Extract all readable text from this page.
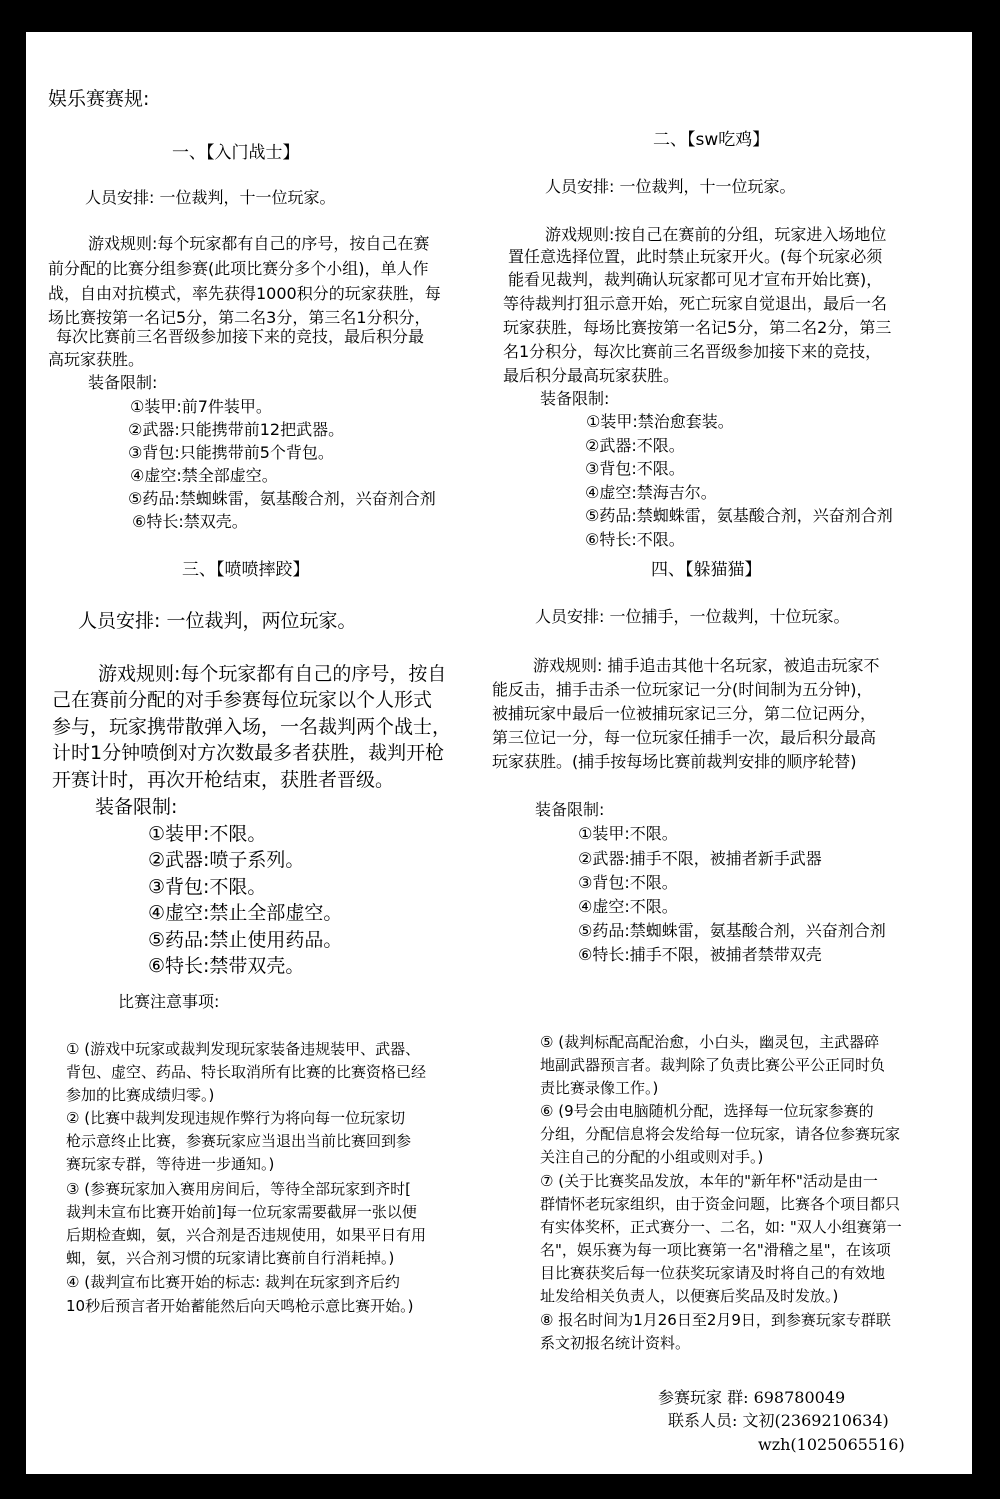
娱乐赛赛规:
一、【入门战士】
人员安排: 一位裁判，十一位玩家。
游戏规则:每个玩家都有自己的序号，按自己在赛
前分配的比赛分组参赛(此项比赛分多个小组)，单人作
战，自由对抗模式，率先获得1000积分的玩家获胜，每
场比赛按第一名记5分，第二名3分，第三名1分积分，
每次比赛前三名晋级参加接下来的竞技，最后积分最
高玩家获胜。
装备限制:
①装甲:前7件装甲。
②武器:只能携带前12把武器。
③背包:只能携带前5个背包。
④虚空:禁全部虚空。
⑤药品:禁蜘蛛雷，氨基酸合剂，兴奋剂合剂
⑥特长:禁双壳。
二、【sw吃鸡】
人员安排: 一位裁判，十一位玩家。
游戏规则:按自己在赛前的分组，玩家进入场地位
置任意选择位置，此时禁止玩家开火。(每个玩家必须
能看见裁判，裁判确认玩家都可见才宣布开始比赛)，
等待裁判打狙示意开始，死亡玩家自觉退出，最后一名
玩家获胜，每场比赛按第一名记5分，第二名2分，第三
名1分积分，每次比赛前三名晋级参加接下来的竞技，
最后积分最高玩家获胜。
装备限制:
①装甲:禁治愈套装。
②武器:不限。
③背包:不限。
④虚空:禁海吉尔。
⑤药品:禁蜘蛛雷，氨基酸合剂，兴奋剂合剂
⑥特长:不限。
三、【喷喷摔跤】
人员安排: 一位裁判，两位玩家。
游戏规则:每个玩家都有自己的序号，按自
己在赛前分配的对手参赛每位玩家以个人形式
参与，玩家携带散弹入场，一名裁判两个战士，
计时1分钟喷倒对方次数最多者获胜，裁判开枪
开赛计时，再次开枪结束，获胜者晋级。
装备限制:
①装甲:不限。
②武器:喷子系列。
③背包:不限。
④虚空:禁止全部虚空。
⑤药品:禁止使用药品。
⑥特长:禁带双壳。
四、【躲猫猫】
人员安排: 一位捕手，一位裁判，十位玩家。
游戏规则: 捕手追击其他十名玩家，被追击玩家不
能反击，捕手击杀一位玩家记一分(时间制为五分钟)，
被捕玩家中最后一位被捕玩家记三分，第二位记两分，
第三位记一分，每一位玩家任捕手一次，最后积分最高
玩家获胜。(捕手按每场比赛前裁判安排的顺序轮替)
装备限制:
①装甲:不限。
②武器:捕手不限，被捕者新手武器
③背包:不限。
④虚空:不限。
⑤药品:禁蜘蛛雷，氨基酸合剂，兴奋剂合剂
⑥特长:捕手不限，被捕者禁带双壳
比赛注意事项:
① (游戏中玩家或裁判发现玩家装备违规装甲、武器、
背包、虚空、药品、特长取消所有比赛的比赛资格已经
参加的比赛成绩归零。)
② (比赛中裁判发现违规作弊行为将向每一位玩家切
枪示意终止比赛，参赛玩家应当退出当前比赛回到参
赛玩家专群，等待进一步通知。)
③ (参赛玩家加入赛用房间后，等待全部玩家到齐时[
裁判未宣布比赛开始前]每一位玩家需要截屏一张以便
后期检查蜘，氨，兴合剂是否违规使用，如果平日有用
蜘，氨，兴合剂习惯的玩家请比赛前自行消耗掉。)
④ (裁判宣布比赛开始的标志: 裁判在玩家到齐后约
10秒后预言者开始蓄能然后向天鸣枪示意比赛开始。)
⑤ (裁判标配高配治愈，小白头，幽灵包，主武器碎
地副武器预言者。裁判除了负责比赛公平公正同时负
责比赛录像工作。)
⑥ (9号会由电脑随机分配，选择每一位玩家参赛的
分组，分配信息将会发给每一位玩家，请各位参赛玩家
关注自己的分配的小组或则对手。)
⑦ (关于比赛奖品发放，本年的"新年杯"活动是由一
群情怀老玩家组织，由于资金问题，比赛各个项目都只
有实体奖杯，正式赛分一、二名，如: "双人小组赛第一
名"，娱乐赛为每一项比赛第一名"滑稽之星"，在该项
目比赛获奖后每一位获奖玩家请及时将自己的有效地
址发给相关负责人，以便赛后奖品及时发放。)
⑧ 报名时间为1月26日至2月9日，到参赛玩家专群联
系文初报名统计资料。
参赛玩家 群: 698780049
联系人员: 文初(2369210634)
wzh(1025065516)
